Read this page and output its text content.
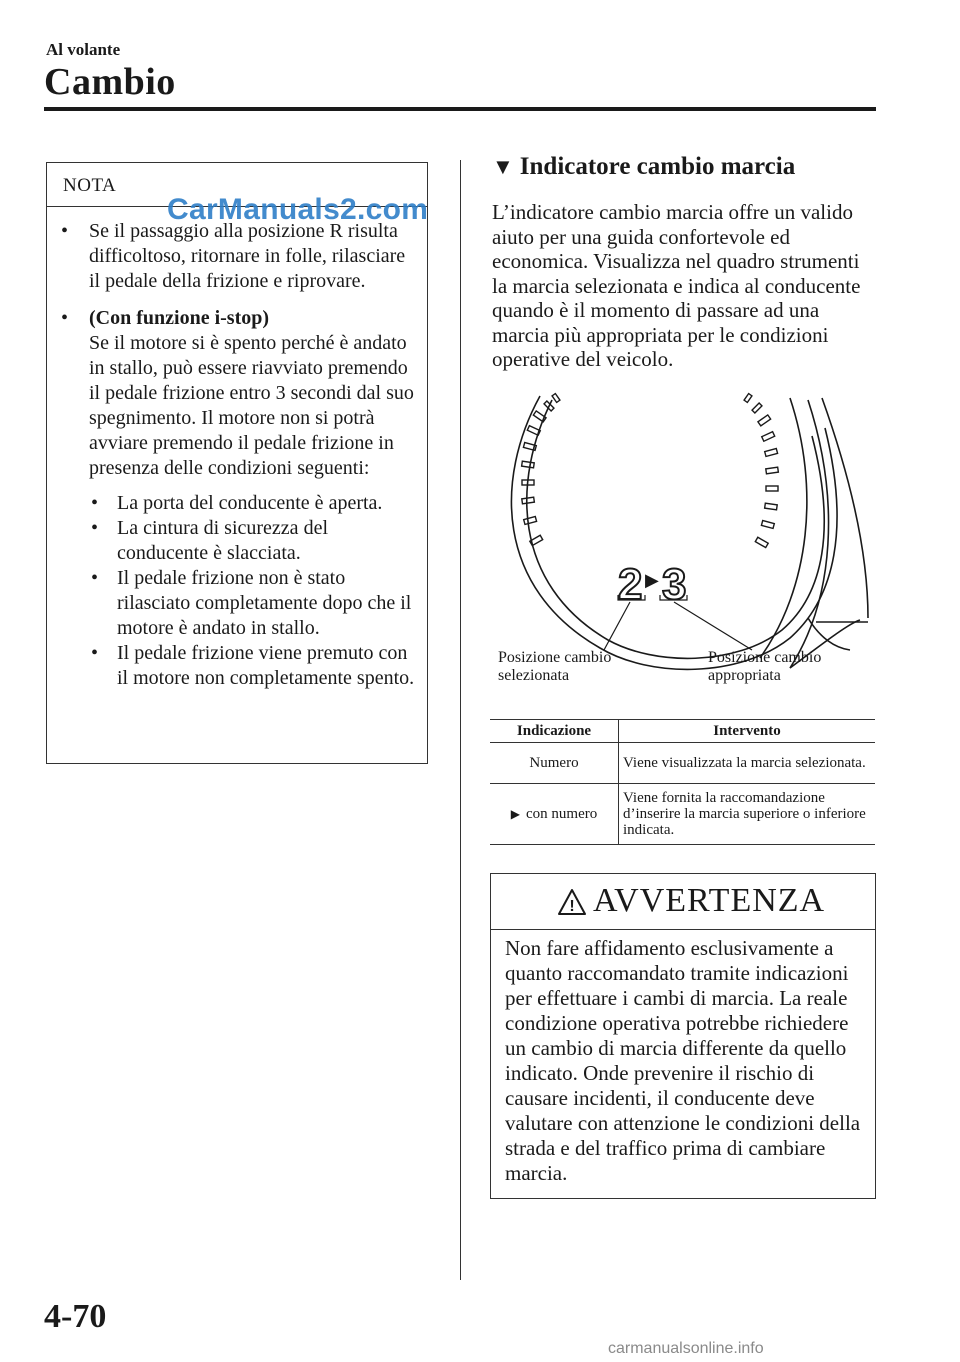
Al volante
Cambio
NOTA
CarManuals2.com
• Se il passaggio alla posizione R risulta difficoltoso, ritornare in folle, rilasciare il pedale della frizione e riprovare.
• (Con funzione i-stop)
Se il motore si è spento perché è andato in stallo, può essere riavviato premendo il pedale frizione entro 3 secondi dal suo spegnimento. Il motore non si potrà avviare premendo il pedale frizione in presenza delle condizioni seguenti:
• La porta del conducente è aperta.
• La cintura di sicurezza del conducente è slacciata.
• Il pedale frizione non è stato rilasciato completamente dopo che il motore è andato in stallo.
• Il pedale frizione viene premuto con il motore non completamente spento.
▼ Indicatore cambio marcia
L’indicatore cambio marcia offre un valido aiuto per una guida confortevole ed economica. Visualizza nel quadro strumenti la marcia selezionata e indica al conducente quando è il momento di passare ad una marcia più appropriata per le condizioni operative del veicolo.
2 ▶ 3
Posizione cambio
selezionata
Posizione cambio
appropriata
Indicazione	Intervento
Numero	Viene visualizzata la marcia selezionata.
▶ con numero	Viene fornita la raccomandazione d’inserire la marcia superiore o inferiore indicata.
! AVVERTENZA
Non fare affidamento esclusivamente a quanto raccomandato tramite indicazioni per effettuare i cambi di marcia. La reale condizione operativa potrebbe richiedere un cambio di marcia differente da quello indicato. Onde prevenire il rischio di causare incidenti, il conducente deve valutare con attenzione le condizioni della strada e del traffico prima di cambiare marcia.
4-70
carmanualsonline.info
